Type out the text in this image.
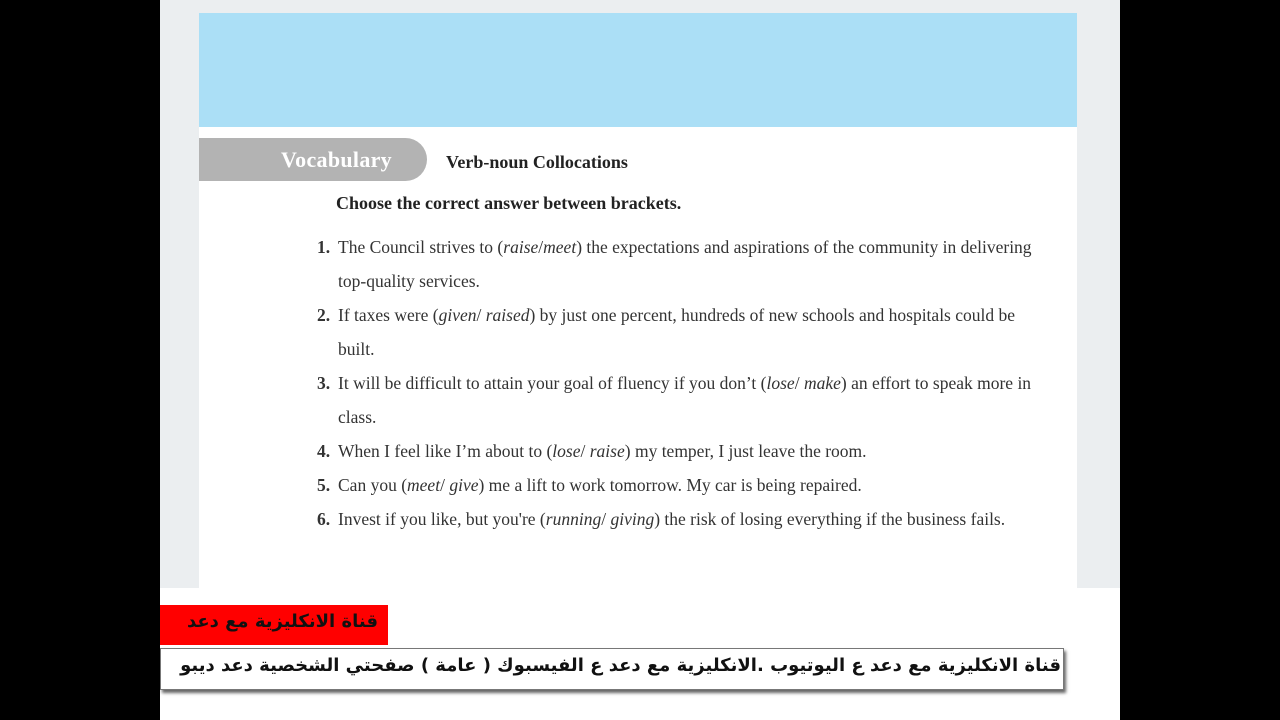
Vocabulary	Verb-noun Collocations
Choose the correct answer between brackets.
1. The Council strives to (raise/meet) the expectations and aspirations of the community in delivering top-quality services.
2. If taxes were (given/ raised) by just one percent, hundreds of new schools and hospitals could be built.
3. It will be difficult to attain your goal of fluency if you don’t (lose/ make) an effort to speak more in class.
4. When I feel like I’m about to (lose/ raise) my temper, I just leave the room.
5. Can you (meet/ give) me a lift to work tomorrow. My car is being repaired.
6. Invest if you like, but you're (running/ giving) the risk of losing everything if the business fails.
قناة الانكليزية مع دعد
قناة الانكليزية مع دعد ع اليوتيوب .الانكليزية مع دعد ع الفيسبوك ( عامة ) صفحتي الشخصية دعد ديبو
